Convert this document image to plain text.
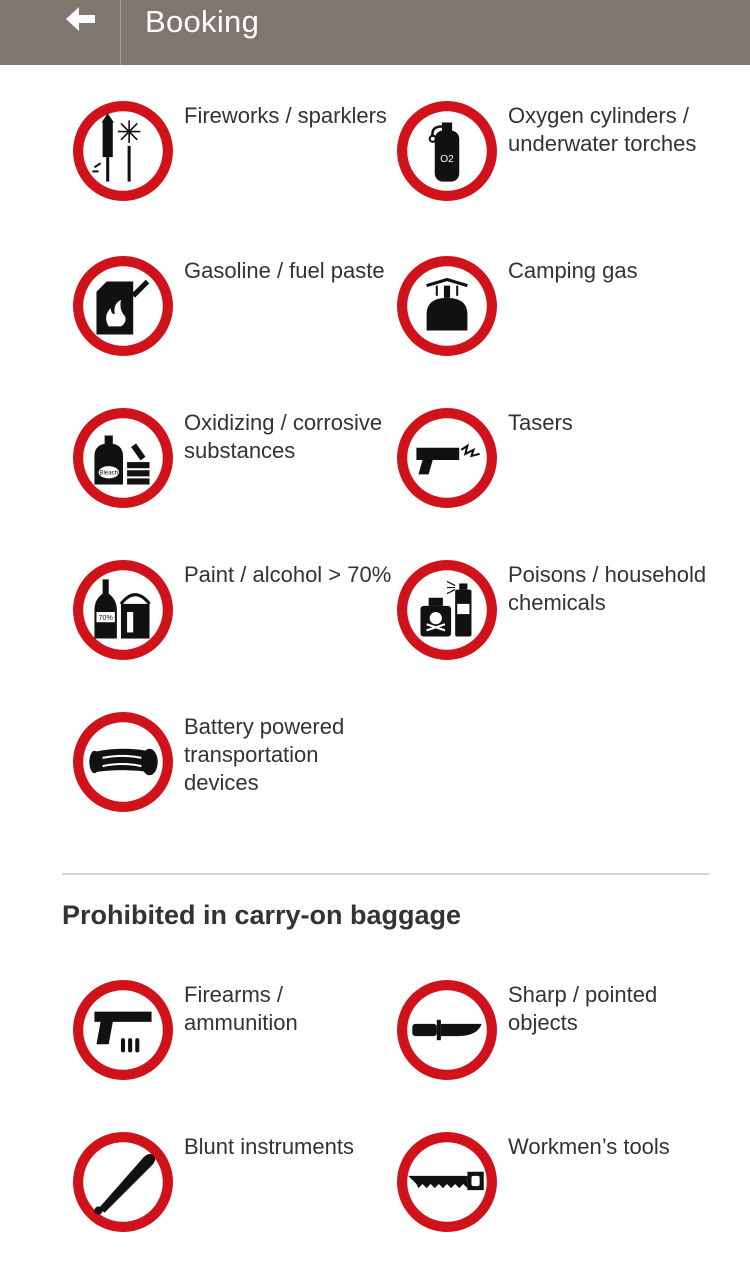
Booking
Fireworks / sparklers
O2
Oxygen cylinders / underwater torches
Gasoline / fuel paste	Camping gas
Bleach
Oxidizing / corrosive substances
Tasers
70%
Paint / alcohol > 70%	Poisons / household chemicals
Battery powered transportation devices
Prohibited in carry-on baggage
Firearms / ammunition
Sharp / pointed objects
Blunt instruments	Workmen’s tools
